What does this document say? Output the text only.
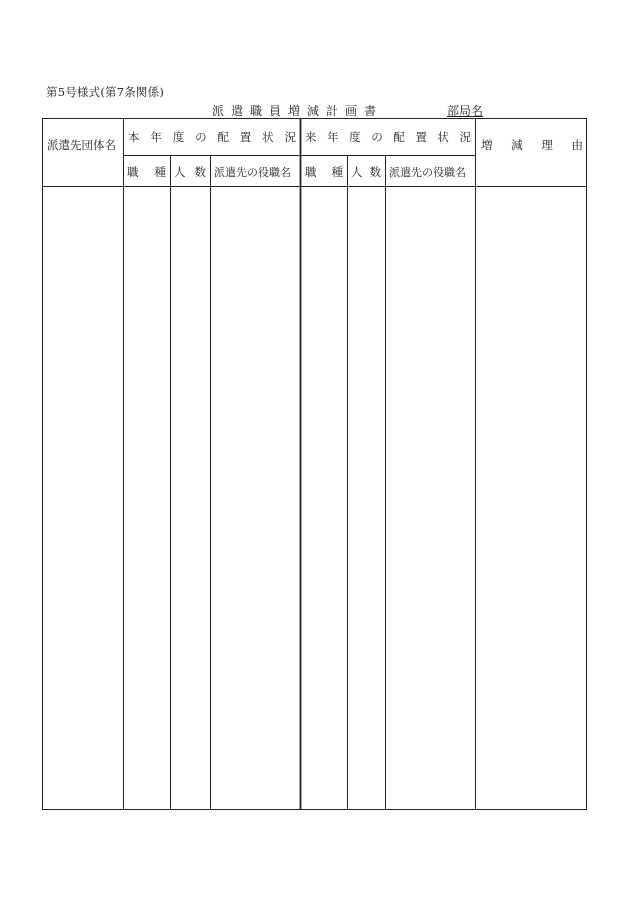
第5号様式(第7条関係)
派遣職員増減計画書	部局名
派遣先団体名
本年度の配置状況 来年度の配置状況
増減理由
職種 人数 派遣先の役職名 職種 人数 派遣先の役職名
